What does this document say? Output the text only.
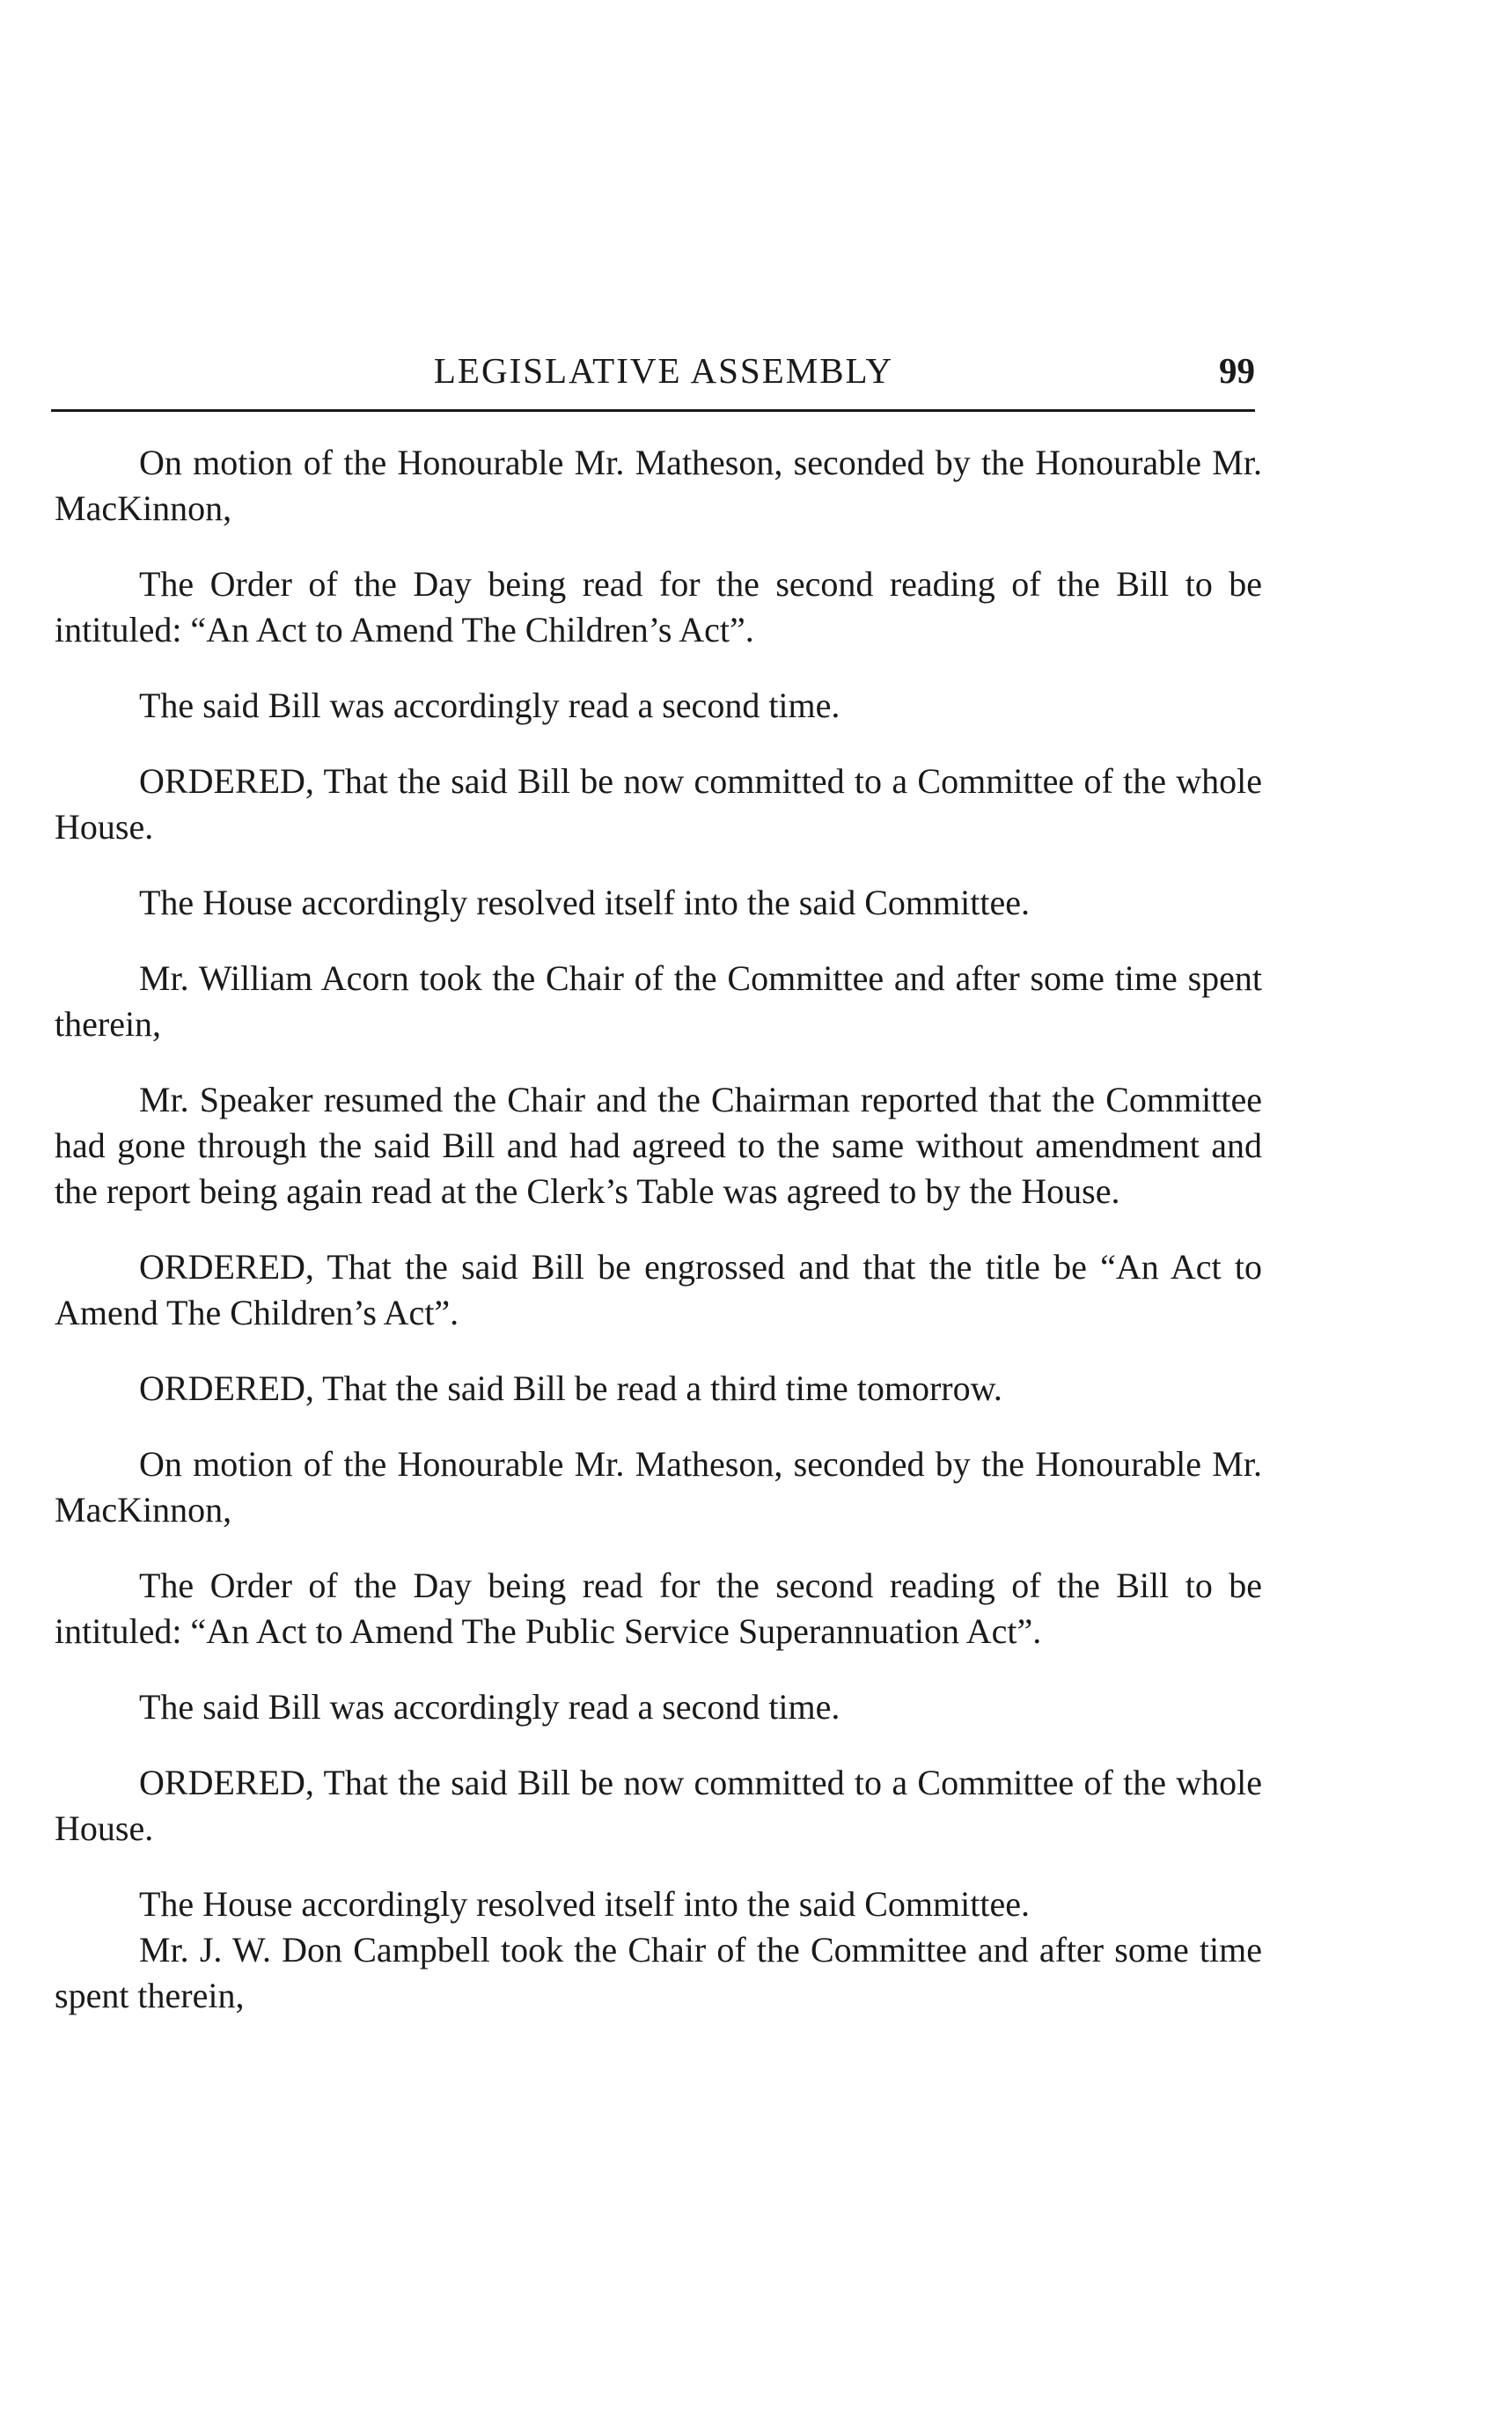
LEGISLATIVE ASSEMBLY	99

On motion of the Honourable Mr. Matheson, seconded by the Honourable Mr. MacKinnon,

The Order of the Day being read for the second reading of the Bill to be intituled: “An Act to Amend The Children’s Act”.

The said Bill was accordingly read a second time.

ORDERED, That the said Bill be now committed to a Committee of the whole House.

The House accordingly resolved itself into the said Committee.

Mr. William Acorn took the Chair of the Committee and after some time spent therein,

Mr. Speaker resumed the Chair and the Chairman reported that the Committee had gone through the said Bill and had agreed to the same without amendment and the report being again read at the Clerk’s Table was agreed to by the House.

ORDERED, That the said Bill be engrossed and that the title be “An Act to Amend The Children’s Act”.

ORDERED, That the said Bill be read a third time tomorrow.

On motion of the Honourable Mr. Matheson, seconded by the Honourable Mr. MacKinnon,

The Order of the Day being read for the second reading of the Bill to be intituled: “An Act to Amend The Public Service Superannuation Act”.

The said Bill was accordingly read a second time.

ORDERED, That the said Bill be now committed to a Committee of the whole House.

The House accordingly resolved itself into the said Committee.

Mr. J. W. Don Campbell took the Chair of the Committee and after some time spent therein,
